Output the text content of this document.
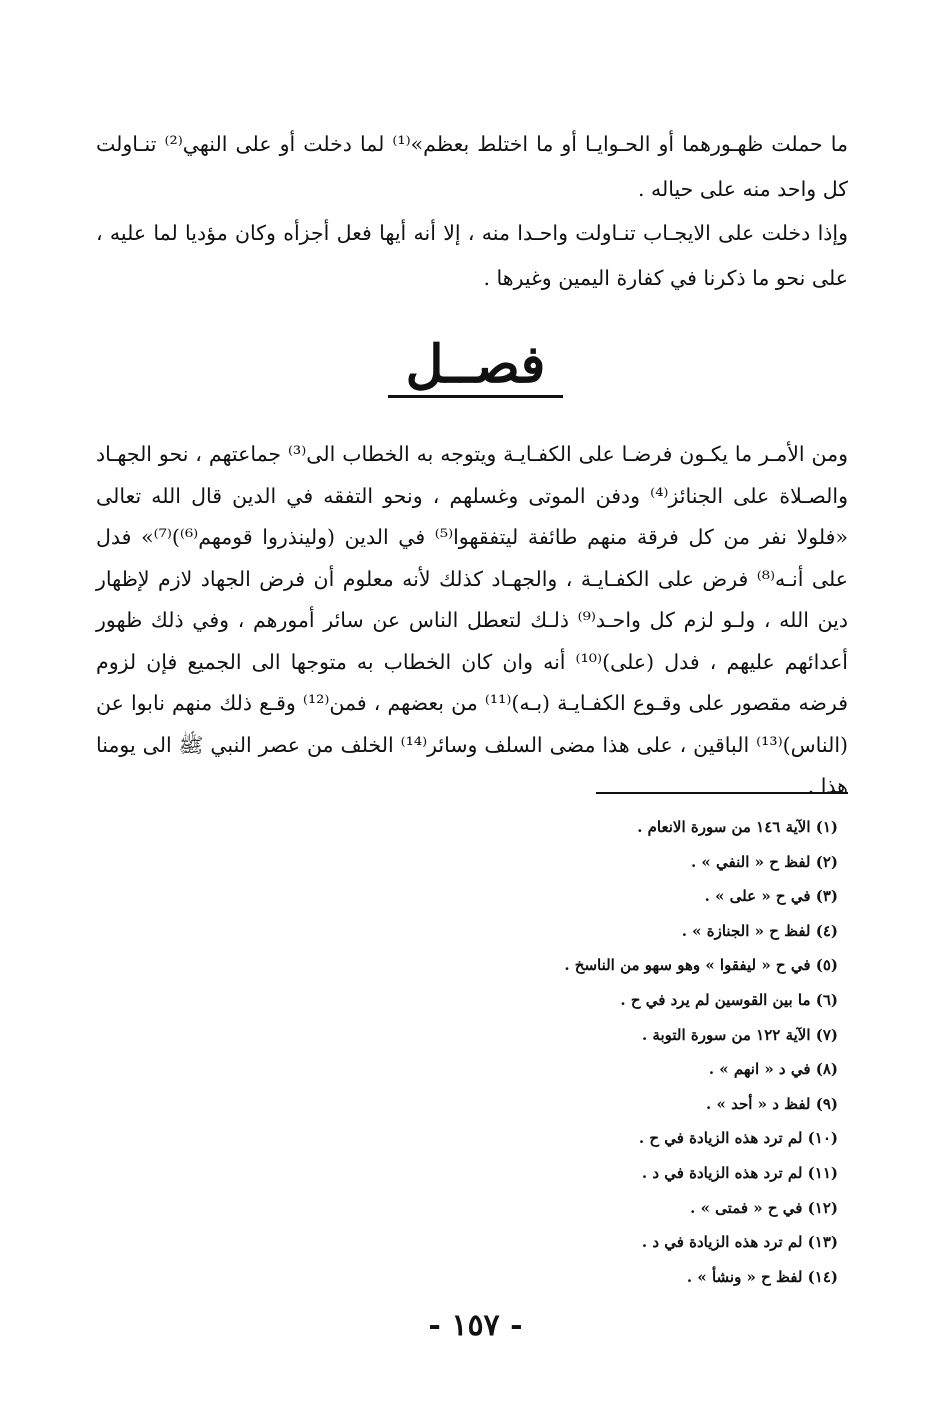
ما حملت ظهـورهما أو الحـوايـا أو ما اختلط بعظم»⁽¹⁾ لما دخلت أو على النهي⁽²⁾ تنـاولت كل واحد منه على حياله .

وإذا دخلت على الايجـاب تنـاولت واحـدا منه ، إلا أنه أيها فعل أجزأه وكان مؤديا لما عليه ، على نحو ما ذكرنا في كفارة اليمين وغيرها .

فصــل

ومن الأمـر ما يكـون فرضـا على الكفـايـة ويتوجه به الخطاب الى⁽³⁾ جماعتهم ، نحو الجهـاد والصـلاة على الجنائز⁽⁴⁾ ودفن الموتى وغسلهم ، ونحو التفقه في الدين قال الله تعالى «فلولا نفر من كل فرقة منهم طائفة ليتفقهوا⁽⁵⁾ في الدين (ولينذروا قومهم⁽⁶⁾)⁽⁷⁾» فدل على أنـه⁽⁸⁾ فرض على الكفـايـة ، والجهـاد كذلك لأنه معلوم أن فرض الجهاد لازم لإظهار دين الله ، ولـو لزم كل واحـد⁽⁹⁾ ذلـك لتعطل الناس عن سائر أمورهم ، وفي ذلك ظهور أعدائهم عليهم ، فدل (على)⁽¹⁰⁾ أنه وان كان الخطاب به متوجها الى الجميع فإن لزوم فرضه مقصور على وقـوع الكفـايـة (بـه)⁽¹¹⁾ من بعضهم ، فمن⁽¹²⁾ وقـع ذلك منهم نابوا عن (الناس)⁽¹³⁾ الباقين ، على هذا مضى السلف وسائر⁽¹⁴⁾ الخلف من عصر النبي ﷺ الى يومنا هذا .

(١) الآية ١٤٦ من سورة الانعام .
(٢) لفظ ح « النفي » .
(٣) في ح « على » .
(٤) لفظ ح « الجنازة » .
(٥) في ح « ليفقوا » وهو سهو من الناسخ .
(٦) ما بين القوسين لم يرد في ح .
(٧) الآية ١٢٢ من سورة التوبة .
(٨) في د « انهم » .
(٩) لفظ د « أحد » .
(١٠) لم ترد هذه الزيادة في ح .
(١١) لم ترد هذه الزيادة في د .
(١٢) في ح « فمتى » .
(١٣) لم ترد هذه الزيادة في د .
(١٤) لفظ ح « ونشأ » .
- ١٥٧ -
